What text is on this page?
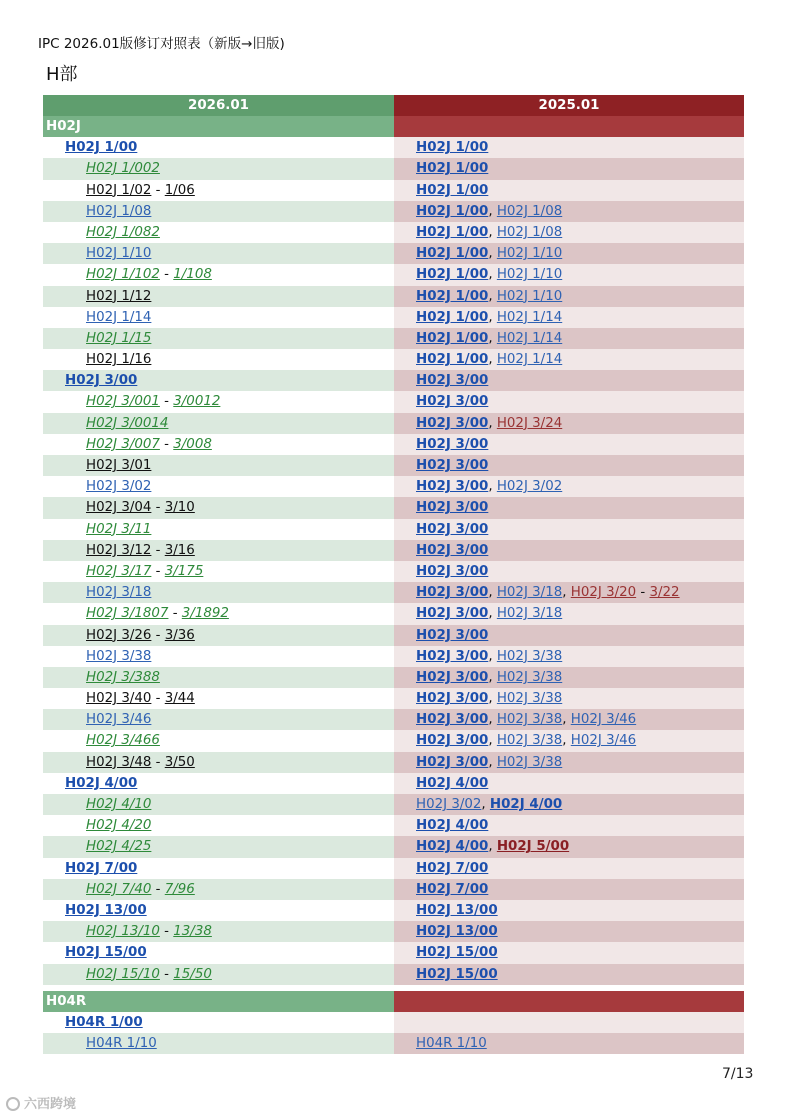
IPC 2026.01版修订对照表（新版→旧版)
H部
2026.01	2025.01
H02J
H02J 1/00	H02J 1/00
H02J 1/002	H02J 1/00
H02J 1/02 - 1/06	H02J 1/00
H02J 1/08	H02J 1/00, H02J 1/08
H02J 1/082	H02J 1/00, H02J 1/08
H02J 1/10	H02J 1/00, H02J 1/10
H02J 1/102 - 1/108	H02J 1/00, H02J 1/10
H02J 1/12	H02J 1/00, H02J 1/10
H02J 1/14	H02J 1/00, H02J 1/14
H02J 1/15	H02J 1/00, H02J 1/14
H02J 1/16	H02J 1/00, H02J 1/14
H02J 3/00	H02J 3/00
H02J 3/001 - 3/0012	H02J 3/00
H02J 3/0014	H02J 3/00, H02J 3/24
H02J 3/007 - 3/008	H02J 3/00
H02J 3/01	H02J 3/00
H02J 3/02	H02J 3/00, H02J 3/02
H02J 3/04 - 3/10	H02J 3/00
H02J 3/11	H02J 3/00
H02J 3/12 - 3/16	H02J 3/00
H02J 3/17 - 3/175	H02J 3/00
H02J 3/18	H02J 3/00, H02J 3/18, H02J 3/20 - 3/22
H02J 3/1807 - 3/1892	H02J 3/00, H02J 3/18
H02J 3/26 - 3/36	H02J 3/00
H02J 3/38	H02J 3/00, H02J 3/38
H02J 3/388	H02J 3/00, H02J 3/38
H02J 3/40 - 3/44	H02J 3/00, H02J 3/38
H02J 3/46	H02J 3/00, H02J 3/38, H02J 3/46
H02J 3/466	H02J 3/00, H02J 3/38, H02J 3/46
H02J 3/48 - 3/50	H02J 3/00, H02J 3/38
H02J 4/00	H02J 4/00
H02J 4/10	H02J 3/02, H02J 4/00
H02J 4/20	H02J 4/00
H02J 4/25	H02J 4/00, H02J 5/00
H02J 7/00	H02J 7/00
H02J 7/40 - 7/96	H02J 7/00
H02J 13/00	H02J 13/00
H02J 13/10 - 13/38	H02J 13/00
H02J 15/00	H02J 15/00
H02J 15/10 - 15/50	H02J 15/00
H04R
H04R 1/00
H04R 1/10	H04R 1/10
7/13
六西跨境
